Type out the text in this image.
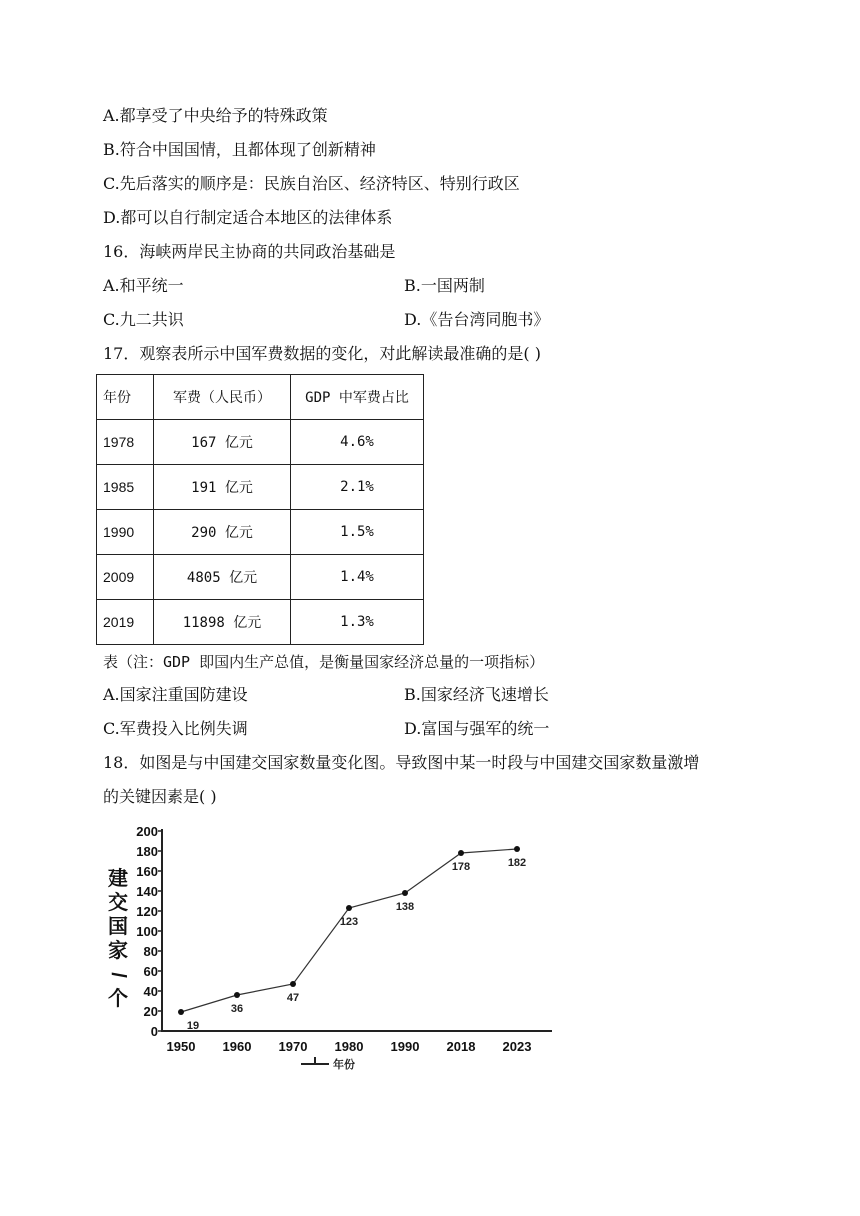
A.都享受了中央给予的特殊政策
B.符合中国国情，且都体现了创新精神
C.先后落实的顺序是：民族自治区、经济特区、特别行政区
D.都可以自行制定适合本地区的法律体系
16．海峡两岸民主协商的共同政治基础是
A.和平统一	B.一国两制
C.九二共识	D.《告台湾同胞书》
17．观察表所示中国军费数据的变化，对此解读最准确的是( )
年份	军费（人民币）	GDP 中军费占比
1978	167 亿元	4.6%
1985	191 亿元	2.1%
1990	290 亿元	1.5%
2009	4805 亿元	1.4%
2019	11898 亿元	1.3%
表（注：GDP 即国内生产总值，是衡量国家经济总量的一项指标）
A.国家注重国防建设	B.国家经济飞速增长
C.军费投入比例失调	D.富国与强军的统一
18．如图是与中国建交国家数量变化图。导致图中某一时段与中国建交国家数量激增
的关键因素是( )
建
交
国
家
/
个
0
20
40
60
80
100
120
140
160
180
200
1950 1960 1970 1980 1990 2018 2023
19
36
47
123
138
178	182
年份
